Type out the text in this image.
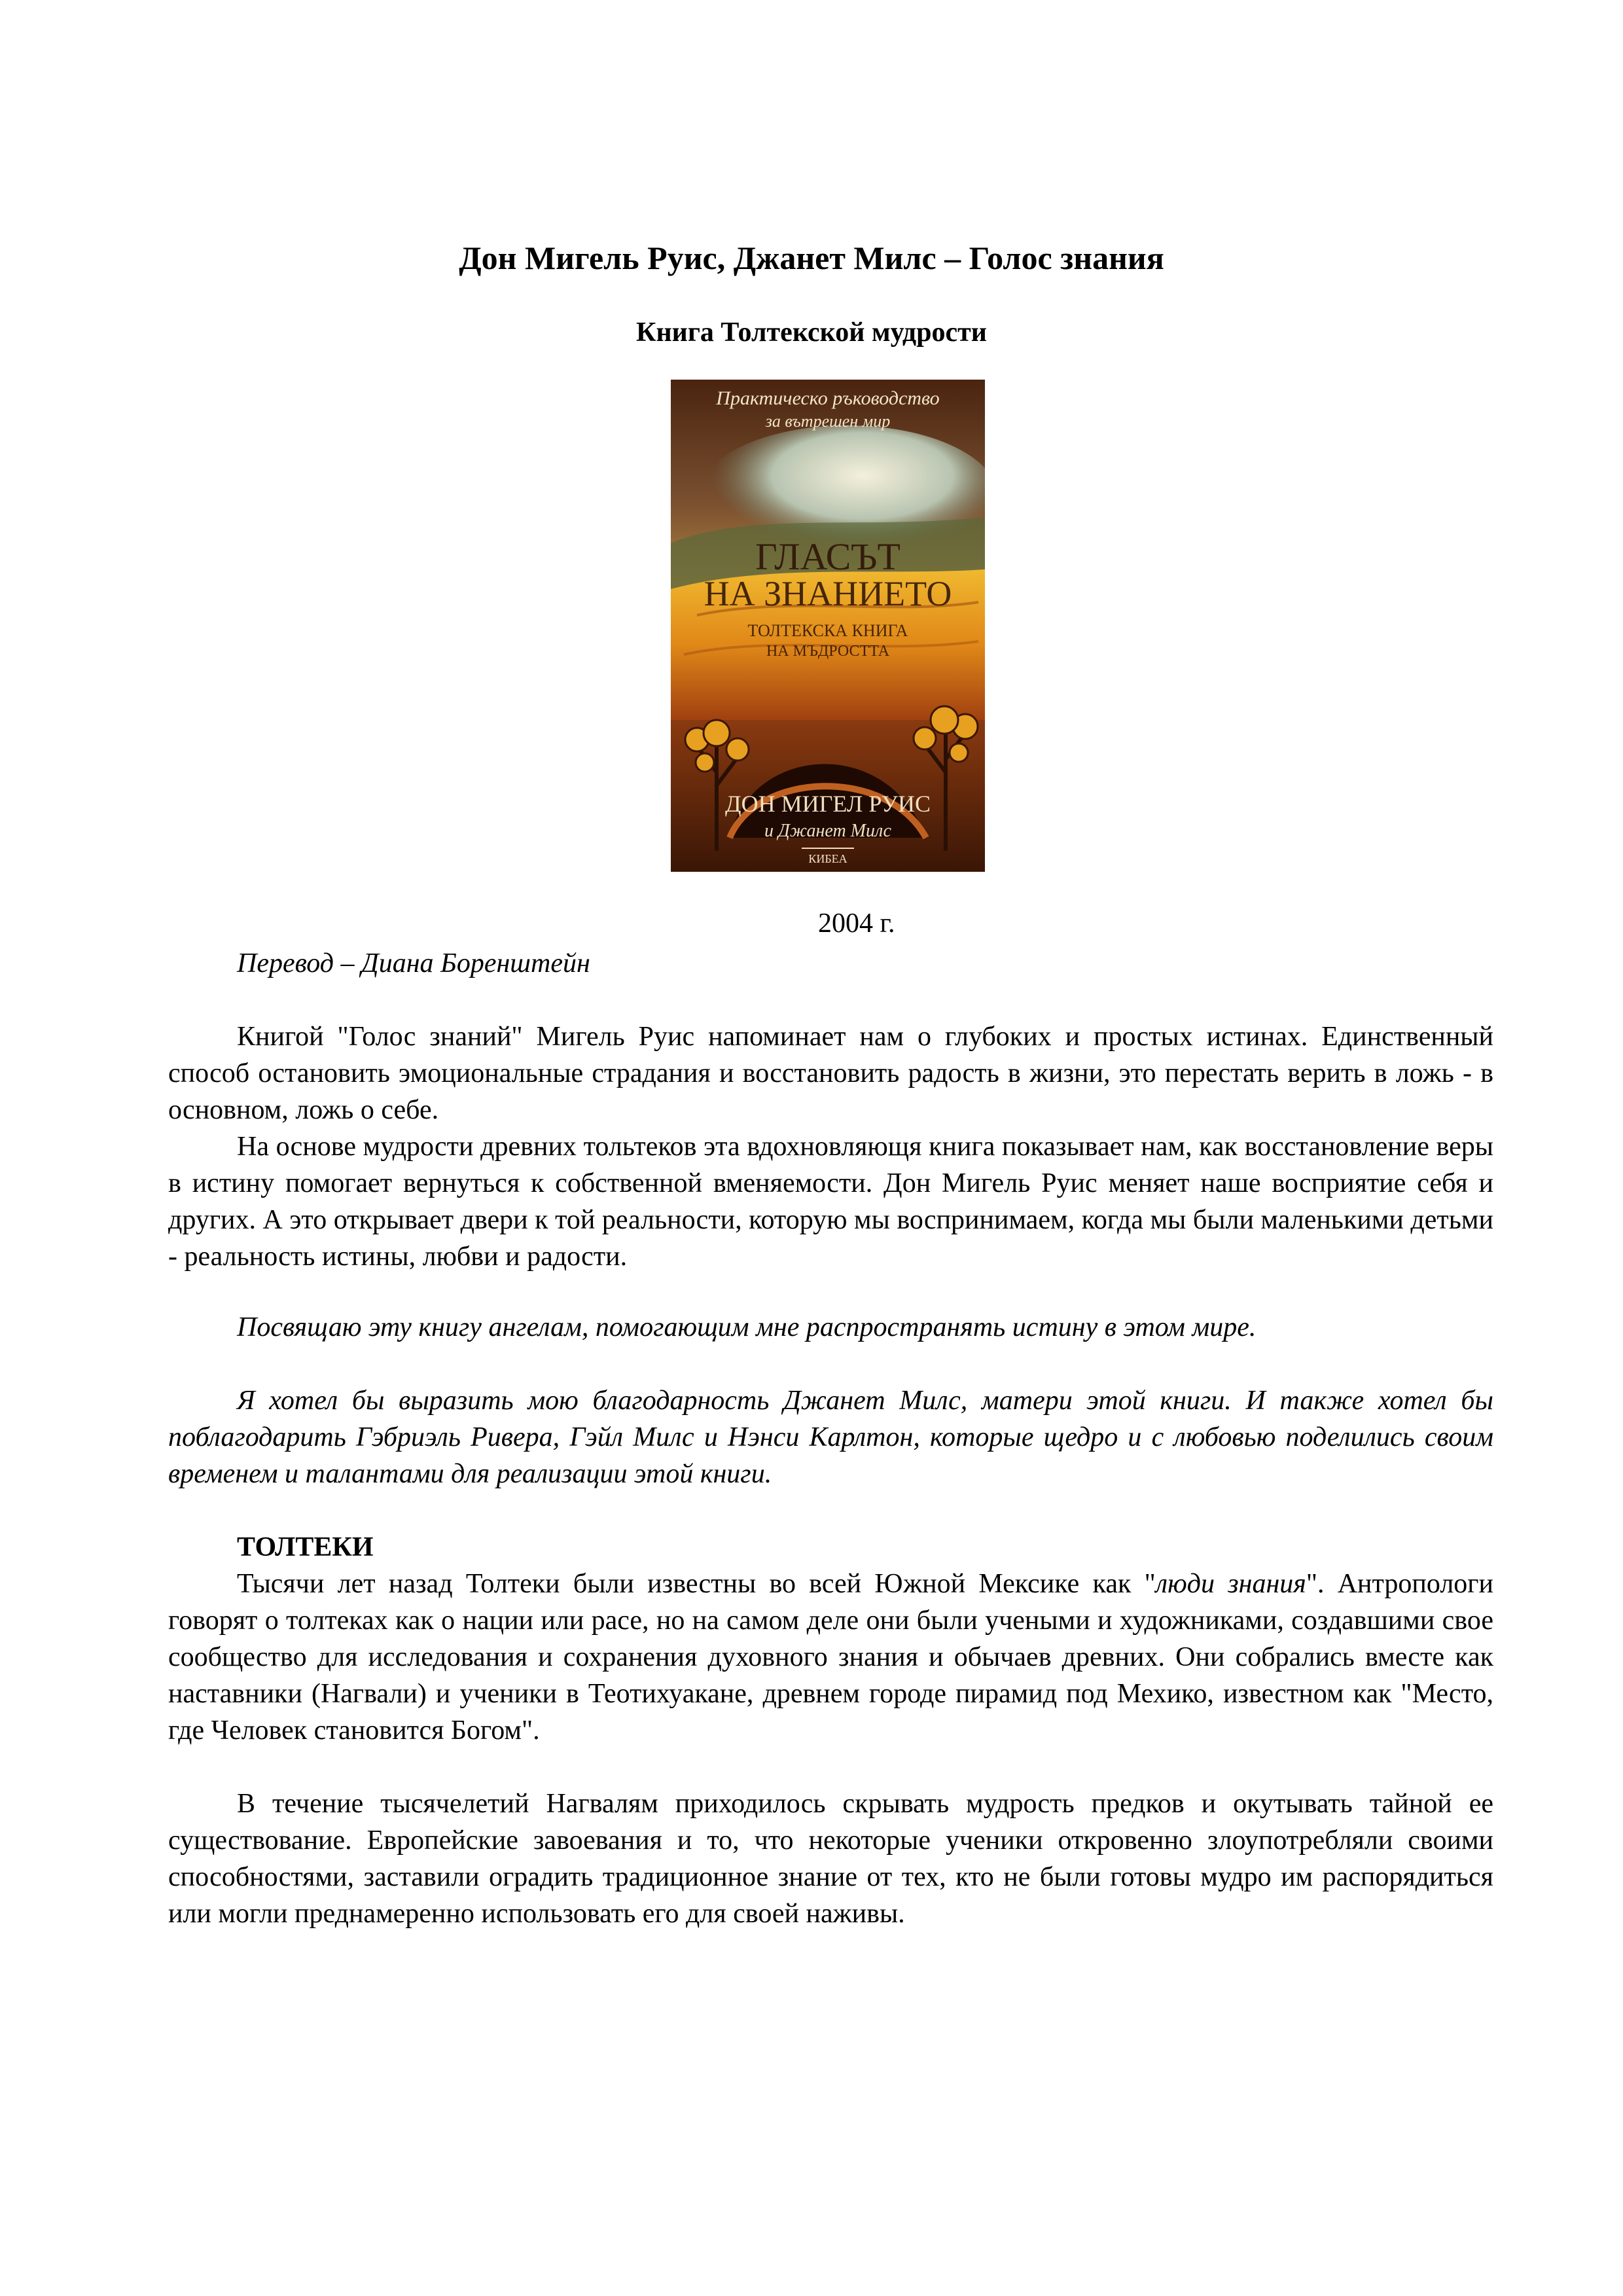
Дон Мигель Руис, Джанет Милс – Голос знания
Книга Толтекской мудрости
Практическо ръководство
за вътрешен мир
ГЛАСЪТ
НА ЗНАНИЕТО
ТОЛТЕКСКА КНИГА
НА МЪДРОСТТА
ДОН МИГЕЛ РУИС
и Джанет Милс
КИБЕА
2004 г.

Перевод – Диана Боренштейн

Книгой "Голос знаний" Мигель Руис напоминает нам о глубоких и простых истинах. Единственный способ остановить эмоциональные страдания и восстановить радость в жизни, это перестать верить в ложь - в основном, ложь о себе.

На основе мудрости древних тольтеков эта вдохновляющя книга показывает нам, как восстановление веры в истину помогает вернуться к собственной вменяемости. Дон Мигель Руис меняет наше восприятие себя и других. А это открывает двери к той реальности, которую мы воспринимаем, когда мы были маленькими детьми - реальность истины, любви и радости.

Посвящаю эту книгу ангелам, помогающим мне распространять истину в этом мире.

Я хотел бы выразить мою благодарность Джанет Милс, матери этой книги. И также хотел бы поблагодарить Гэбриэль Ривера, Гэйл Милс и Нэнси Карлтон, которые щедро и с любовью поделились своим временем и талантами для реализации этой книги.

ТОЛТЕКИ

Тысячи лет назад Толтеки были известны во всей Южной Мексике как "люди знания". Антропологи говорят о толтеках как о нации или расе, но на самом деле они были учеными и художниками, создавшими свое сообщество для исследования и сохранения духовного знания и обычаев древних. Они собрались вместе как наставники (Нагвали) и ученики в Теотихуакане, древнем городе пирамид под Мехико, известном как "Место, где Человек становится Богом".

В течение тысячелетий Нагвалям приходилось скрывать мудрость предков и окутывать тайной ее существование. Европейские завоевания и то, что некоторые ученики откровенно злоупотребляли своими способностями, заставили оградить традиционное знание от тех, кто не были готовы мудро им распорядиться или могли преднамеренно использовать его для своей наживы.
